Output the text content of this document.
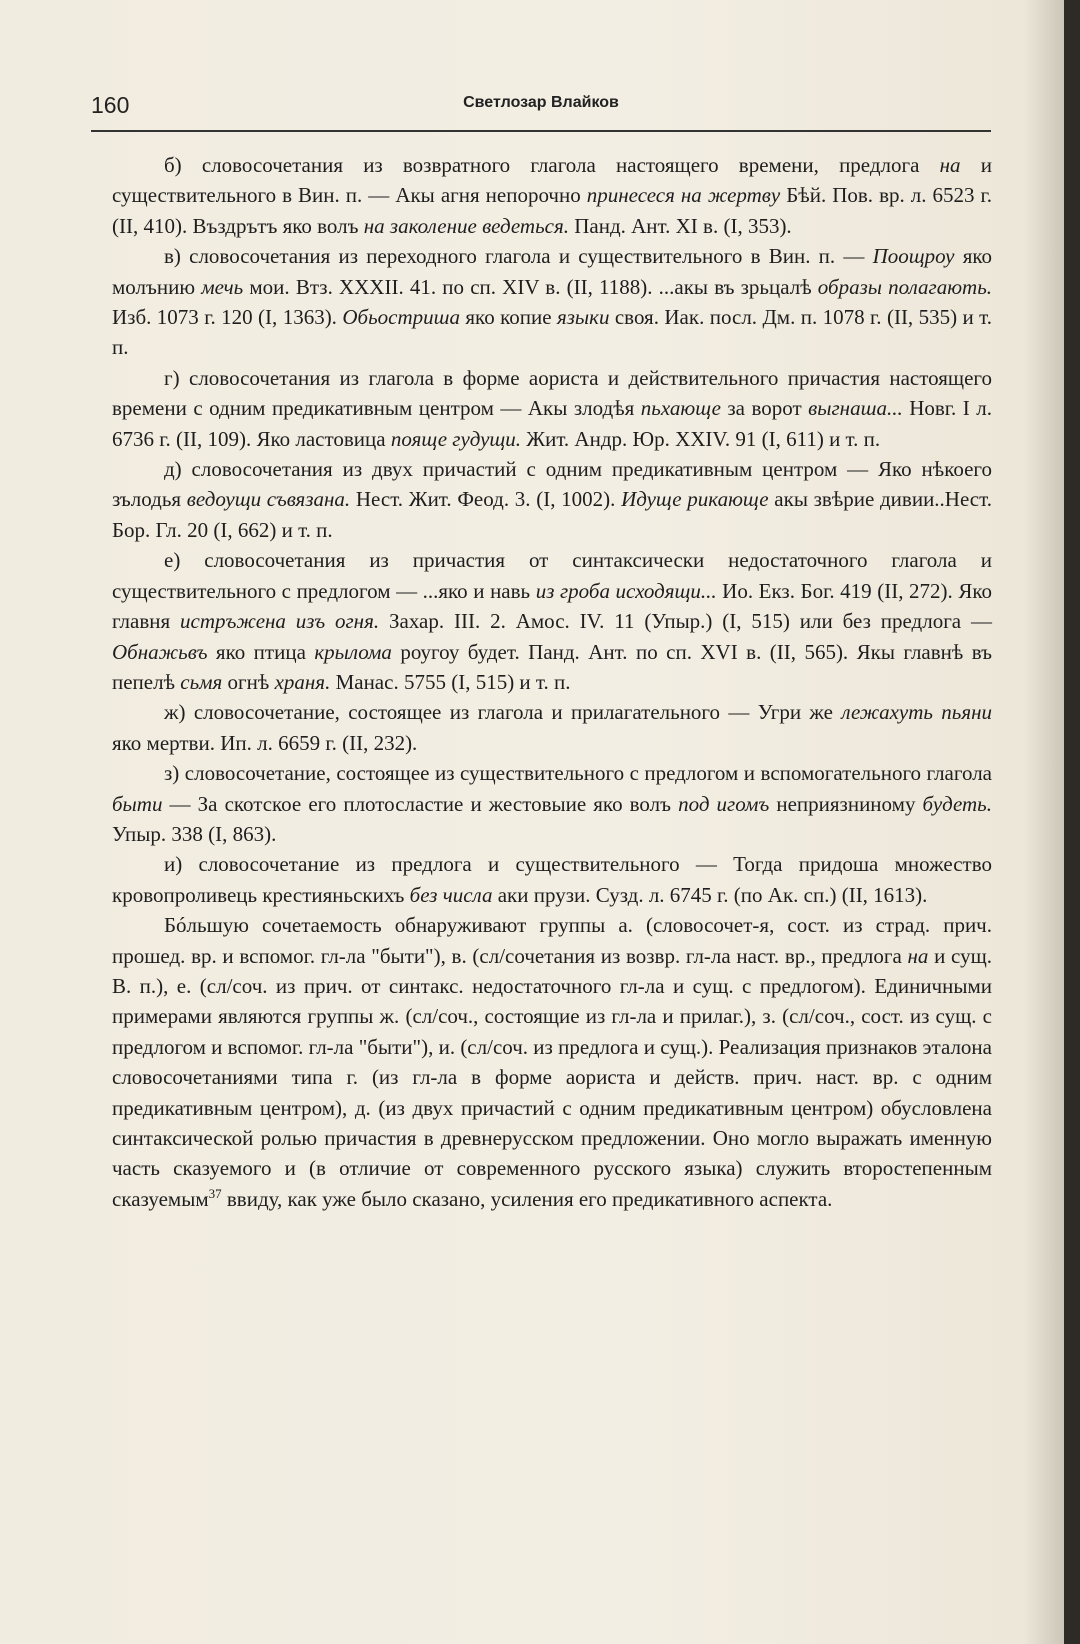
160	Светлозар Влайков

б) словосочетания из возвратного глагола настоящего времени, предлога на и существительного в Вин. п. — Акы агня непорочно принесеся на жертву Бѣй. Пов. вр. л. 6523 г. (II, 410). Въздрътъ яко волъ на заколение ведеться. Панд. Ант. XI в. (I, 353).

в) словосочетания из переходного глагола и существительного в Вин. п. — Поощроу яко молънию мечь мои. Втз. XXXII. 41. по сп. XIV в. (II, 1188). ...акы въ зрьцалѣ образы полагають. Изб. 1073 г. 120 (I, 1363). Обьостриша яко копие языки своя. Иак. посл. Дм. п. 1078 г. (II, 535) и т. п.

г) словосочетания из глагола в форме аориста и действительного причастия настоящего времени с одним предикативным центром — Акы злодѣя пьхающе за ворот выгнаша... Новг. I л. 6736 г. (II, 109). Яко ластовица пояще гудущи. Жит. Андр. Юр. XXIV. 91 (I, 611) и т. п.

д) словосочетания из двух причастий с одним предикативным центром — Яко нѣкоего зълодья ведоущи съвязана. Нест. Жит. Феод. 3. (I, 1002). Идуще рикающе акы звѣрие дивии..Нест. Бор. Гл. 20 (I, 662) и т. п.

е) словосочетания из причастия от синтаксически недостаточного глагола и существительного с предлогом — ...яко и навь из гроба исходящи... Ио. Екз. Бог. 419 (II, 272). Яко главня истръжена изъ огня. Захар. III. 2. Амос. IV. 11 (Упыр.) (I, 515) или без предлога — Обнажьвъ яко птица крылома роугоу будет. Панд. Ант. по сп. XVI в. (II, 565). Якы главнѣ въ пепелѣ сьмя огнѣ храня. Манас. 5755 (I, 515) и т. п.

ж) словосочетание, состоящее из глагола и прилагательного — Угри же лежахуть пьяни яко мертви. Ип. л. 6659 г. (II, 232).

з) словосочетание, состоящее из существительного с предлогом и вспомогательного глагола быти — За скотское его плотосластие и жестовыие яко волъ под игомъ неприязниному будеть. Упыр. 338 (I, 863).

и) словосочетание из предлога и существительного — Тогда придоша множество кровопроливець крестияньскихъ без числа аки прузи. Сузд. л. 6745 г. (по Ак. сп.) (II, 1613).

Бóльшую сочетаемость обнаруживают группы а. (словосочет-я, сост. из страд. прич. прошед. вр. и вспомог. гл-ла "быти"), в. (сл/сочетания из возвр. гл-ла наст. вр., предлога на и сущ. В. п.), е. (сл/соч. из прич. от синтакс. недостаточного гл-ла и сущ. с предлогом). Единичными примерами являются группы ж. (сл/соч., состоящие из гл-ла и прилаг.), з. (сл/соч., сост. из сущ. с предлогом и вспомог. гл-ла "быти"), и. (сл/соч. из предлога и сущ.). Реализация признаков эталона словосочетаниями типа г. (из гл-ла в форме аориста и действ. прич. наст. вр. с одним предикативным центром), д. (из двух причастий с одним предикативным центром) обусловлена синтаксической ролью причастия в древнерусском предложении. Оно могло выражать именную часть сказуемого и (в отличие от современного русского языка) служить второстепенным сказуемым$^{37}$ ввиду, как уже было сказано, усиления его предикативного аспекта.
